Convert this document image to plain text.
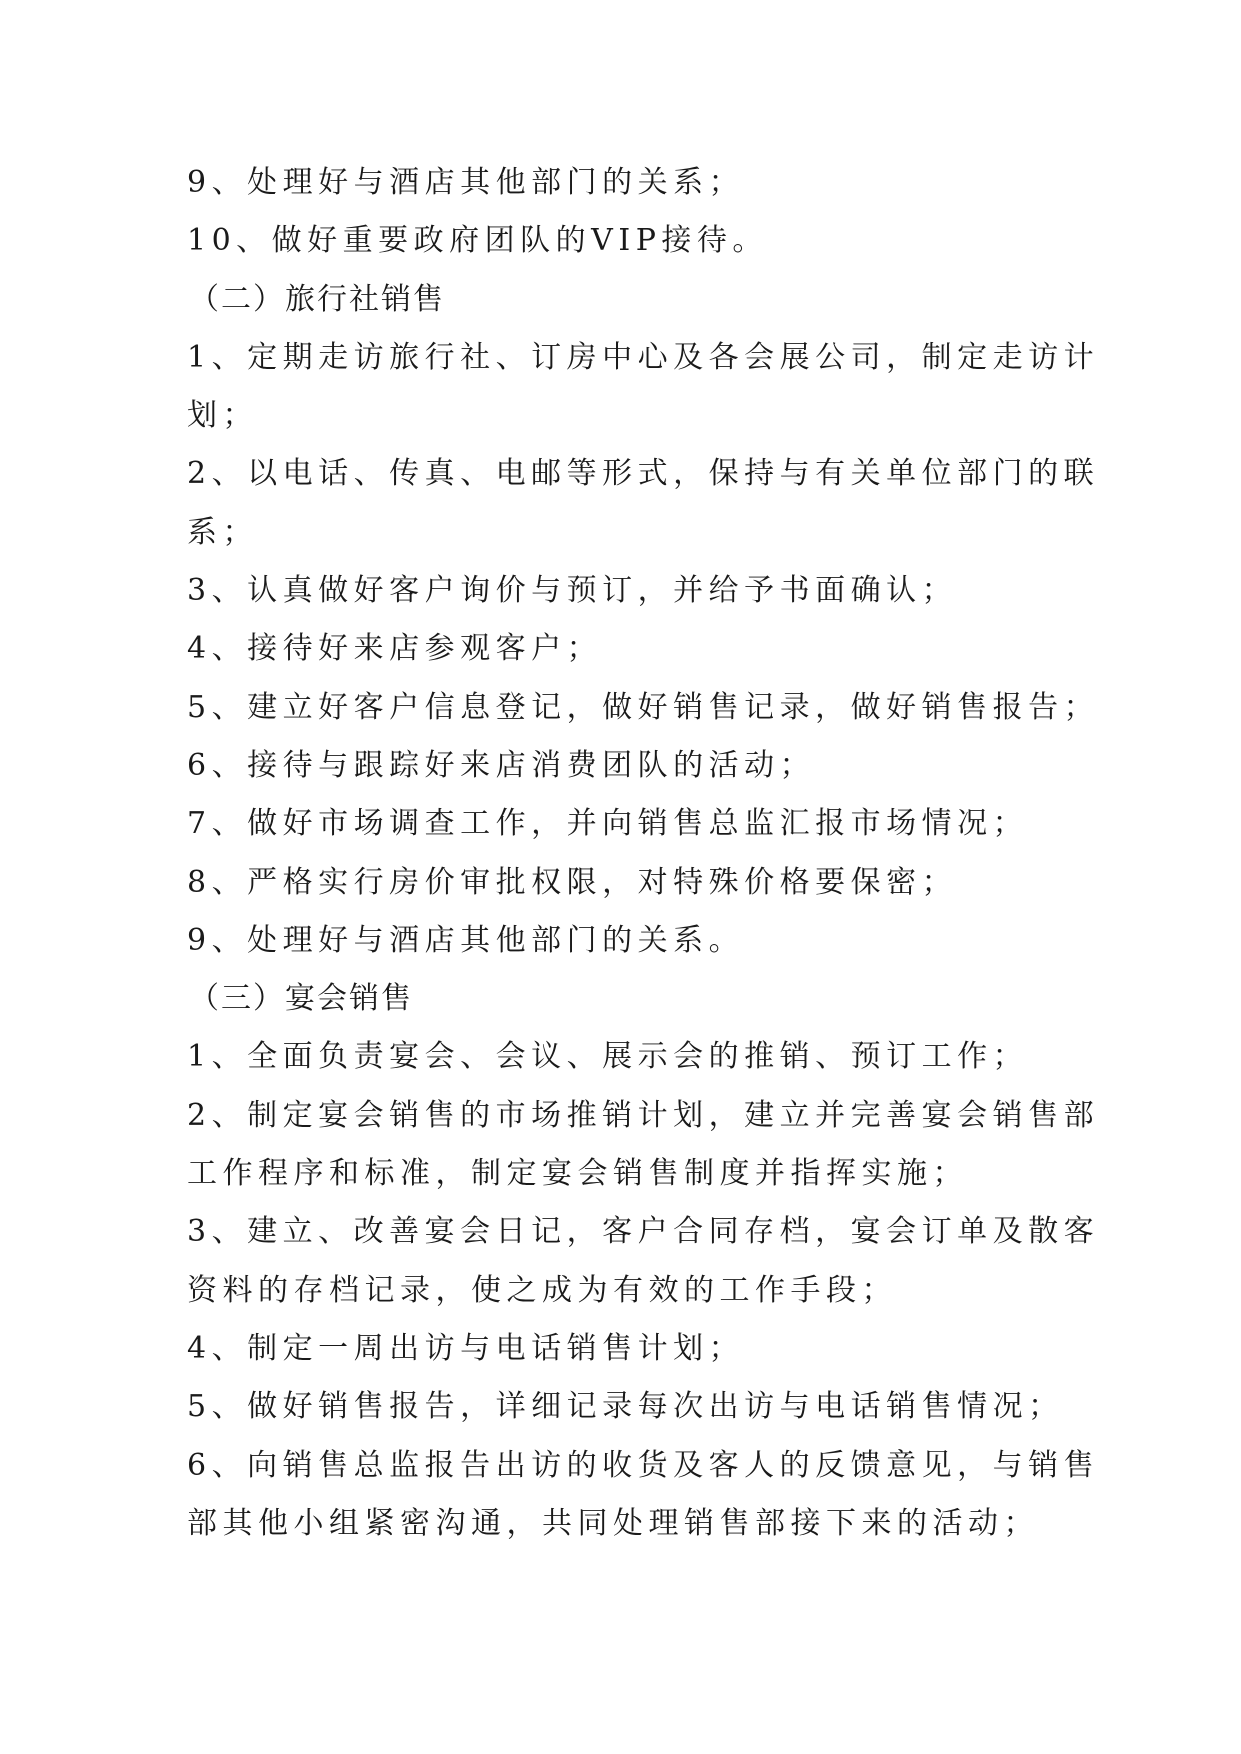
9、处理好与酒店其他部门的关系；
10、做好重要政府团队的VIP接待。
（二）旅行社销售
1、定期走访旅行社、订房中心及各会展公司，制定走访计
划；
2、以电话、传真、电邮等形式，保持与有关单位部门的联
系；
3、认真做好客户询价与预订，并给予书面确认；
4、接待好来店参观客户；
5、建立好客户信息登记，做好销售记录，做好销售报告；
6、接待与跟踪好来店消费团队的活动；
7、做好市场调查工作，并向销售总监汇报市场情况；
8、严格实行房价审批权限，对特殊价格要保密；
9、处理好与酒店其他部门的关系。
（三）宴会销售
1、全面负责宴会、会议、展示会的推销、预订工作；
2、制定宴会销售的市场推销计划，建立并完善宴会销售部
工作程序和标准，制定宴会销售制度并指挥实施；
3、建立、改善宴会日记，客户合同存档，宴会订单及散客
资料的存档记录，使之成为有效的工作手段；
4、制定一周出访与电话销售计划；
5、做好销售报告，详细记录每次出访与电话销售情况；
6、向销售总监报告出访的收货及客人的反馈意见，与销售
部其他小组紧密沟通，共同处理销售部接下来的活动；
